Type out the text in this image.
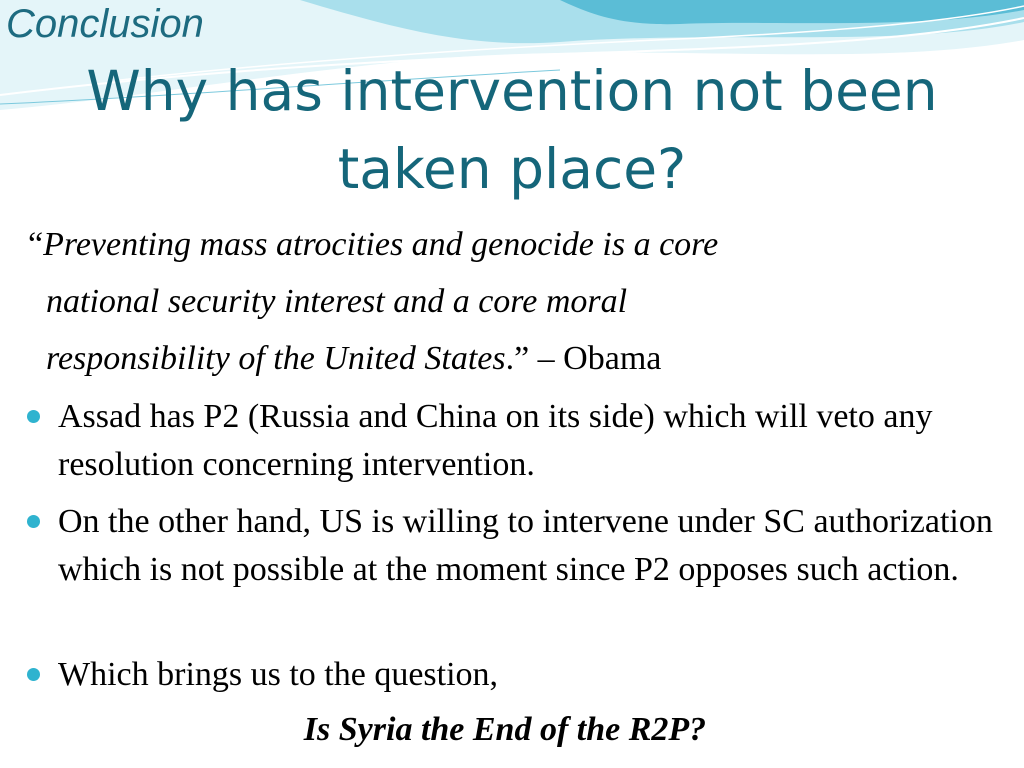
Conclusion

Why has intervention not been
taken place?
“Preventing mass atrocities and genocide is a core
national security interest and a core moral
responsibility of the United States.” – Obama
Assad has P2 (Russia and China on its side) which will veto any resolution concerning intervention.
On the other hand, US is willing to intervene under SC authorization which is not possible at the moment since P2 opposes such action.
Which brings us to the question,
Is Syria the End of the R2P?
